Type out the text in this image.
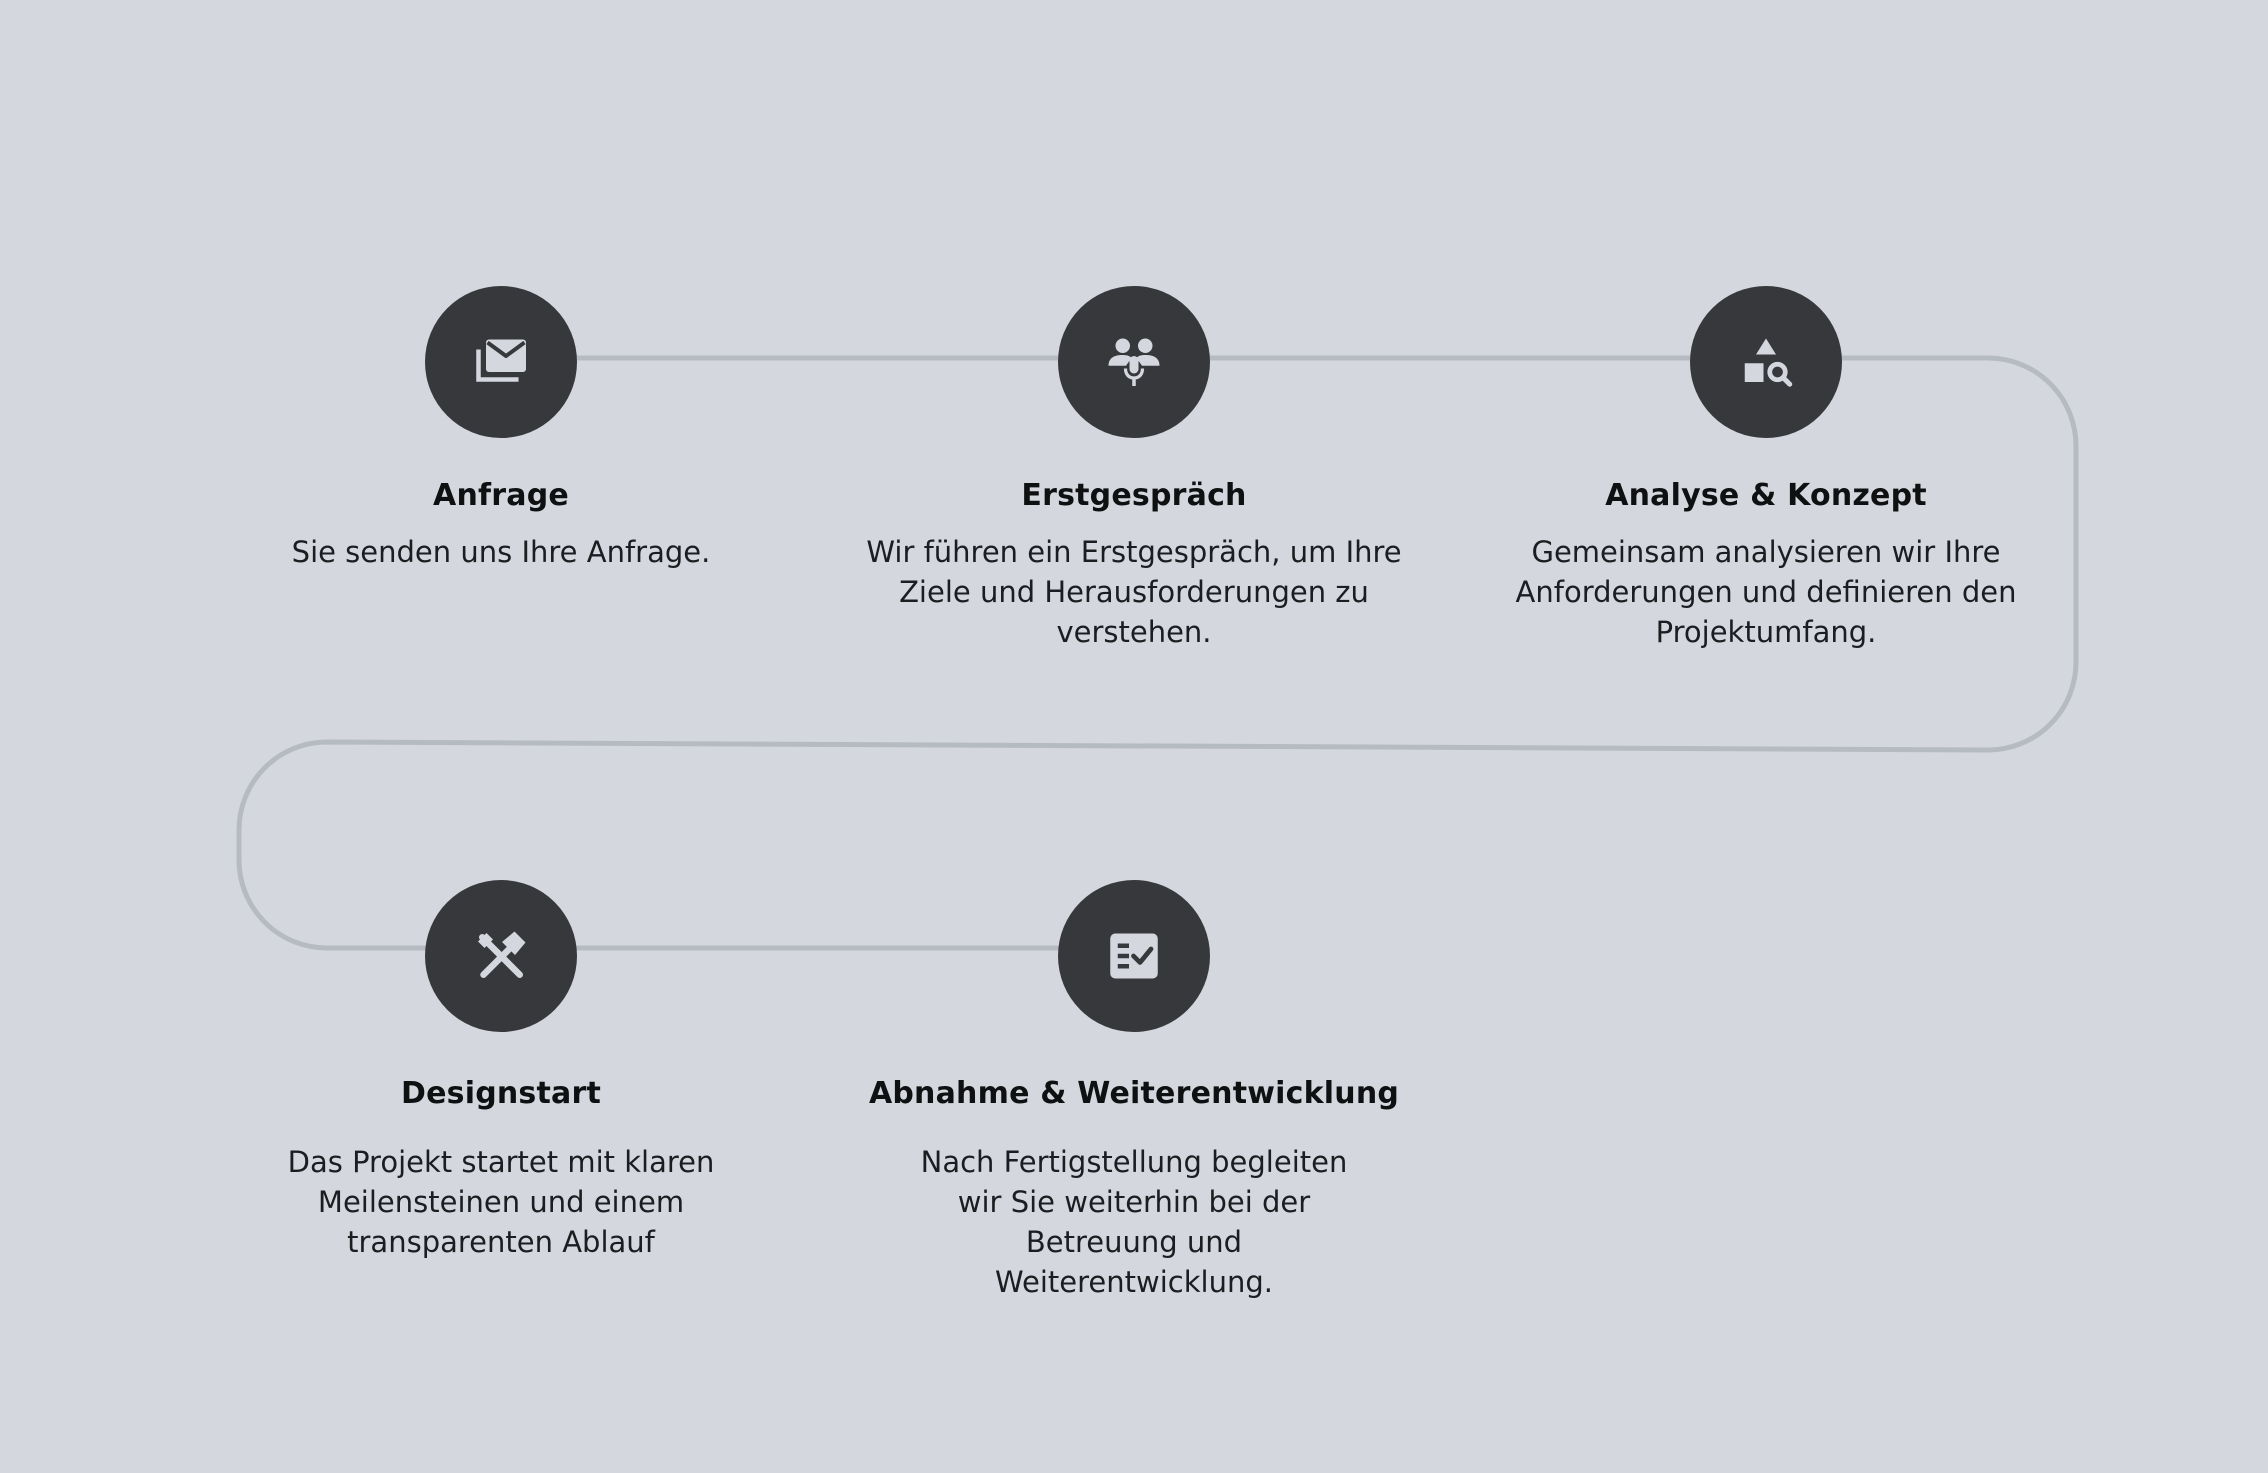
Anfrage
Sie senden uns Ihre Anfrage.
Erstgespräch
Wir führen ein Erstgespräch, um Ihre Ziele und Herausforderungen zu verstehen.
Analyse & Konzept
Gemeinsam analysieren wir Ihre Anforderungen und definieren den Projektumfang.
Designstart
Das Projekt startet mit klaren Meilensteinen und einem transparenten Ablauf
Abnahme & Weiterentwicklung
Nach Fertigstellung begleiten wir Sie weiterhin bei der Betreuung und Weiterentwicklung.
